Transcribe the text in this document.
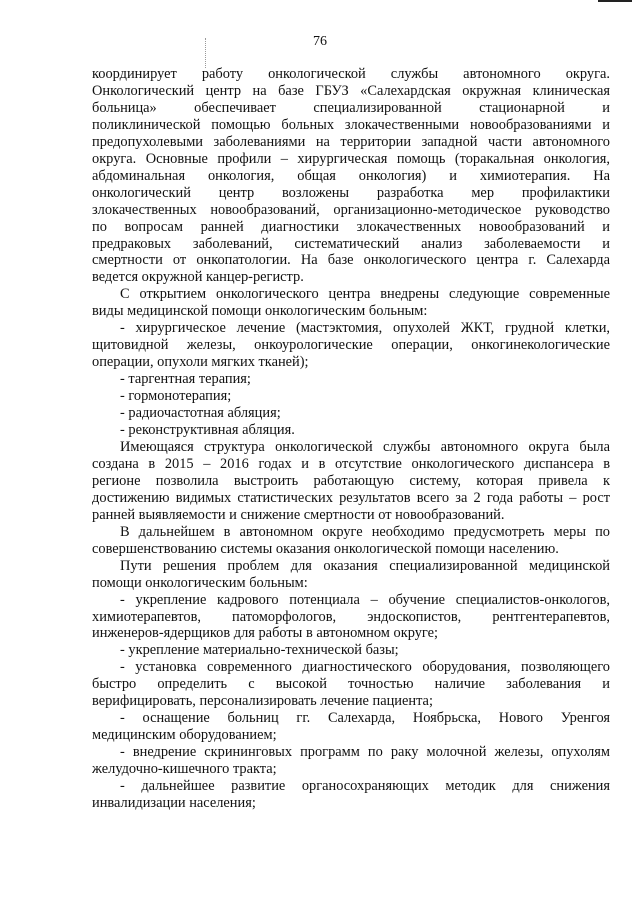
76

координирует работу онкологической службы автономного округа.

Онкологический центр на базе ГБУЗ «Салехардская окружная клиническая

больница» обеспечивает специализированной стационарной и

поликлинической помощью больных злокачественными новообразованиями и

предопухолевыми заболеваниями на территории западной части автономного

округа. Основные профили – хирургическая помощь (торакальная онкология,

абдоминальная онкология, общая онкология) и химиотерапия. На

онкологический центр возложены разработка мер профилактики

злокачественных новообразований, организационно-методическое руководство

по вопросам ранней диагностики злокачественных новообразований и

предраковых заболеваний, систематический анализ заболеваемости и

смертности от онкопатологии. На базе онкологического центра г. Салехарда

ведется окружной канцер-регистр.

С открытием онкологического центра внедрены следующие современные

виды медицинской помощи онкологическим больным:

- хирургическое лечение (мастэктомия, опухолей ЖКТ, грудной клетки,

щитовидной железы, онкоурологические операции, онкогинекологические

операции, опухоли мягких тканей);

- таргентная терапия;

- гормонотерапия;

- радиочастотная абляция;

- реконструктивная абляция.

Имеющаяся структура онкологической службы автономного округа была

создана в 2015 – 2016 годах и в отсутствие онкологического диспансера в

регионе позволила выстроить работающую систему, которая привела к

достижению видимых статистических результатов всего за 2 года работы – рост

ранней выявляемости и снижение смертности от новообразований.

В дальнейшем в автономном округе необходимо предусмотреть меры по

совершенствованию системы оказания онкологической помощи населению.

Пути решения проблем для оказания специализированной медицинской

помощи онкологическим больным:

- укрепление кадрового потенциала – обучение специалистов-онкологов,

химиотерапевтов, патоморфологов, эндоскопистов, рентгентерапевтов,

инженеров-ядерщиков для работы в автономном округе;

- укрепление материально-технической базы;

- установка современного диагностического оборудования, позволяющего

быстро определить с высокой точностью наличие заболевания и

верифицировать, персонализировать лечение пациента;

- оснащение больниц гг. Салехарда, Ноябрьска, Нового Уренгоя

медицинским оборудованием;

- внедрение скрининговых программ по раку молочной железы, опухолям

желудочно-кишечного тракта;

- дальнейшее развитие органосохраняющих методик для снижения

инвалидизации населения;
